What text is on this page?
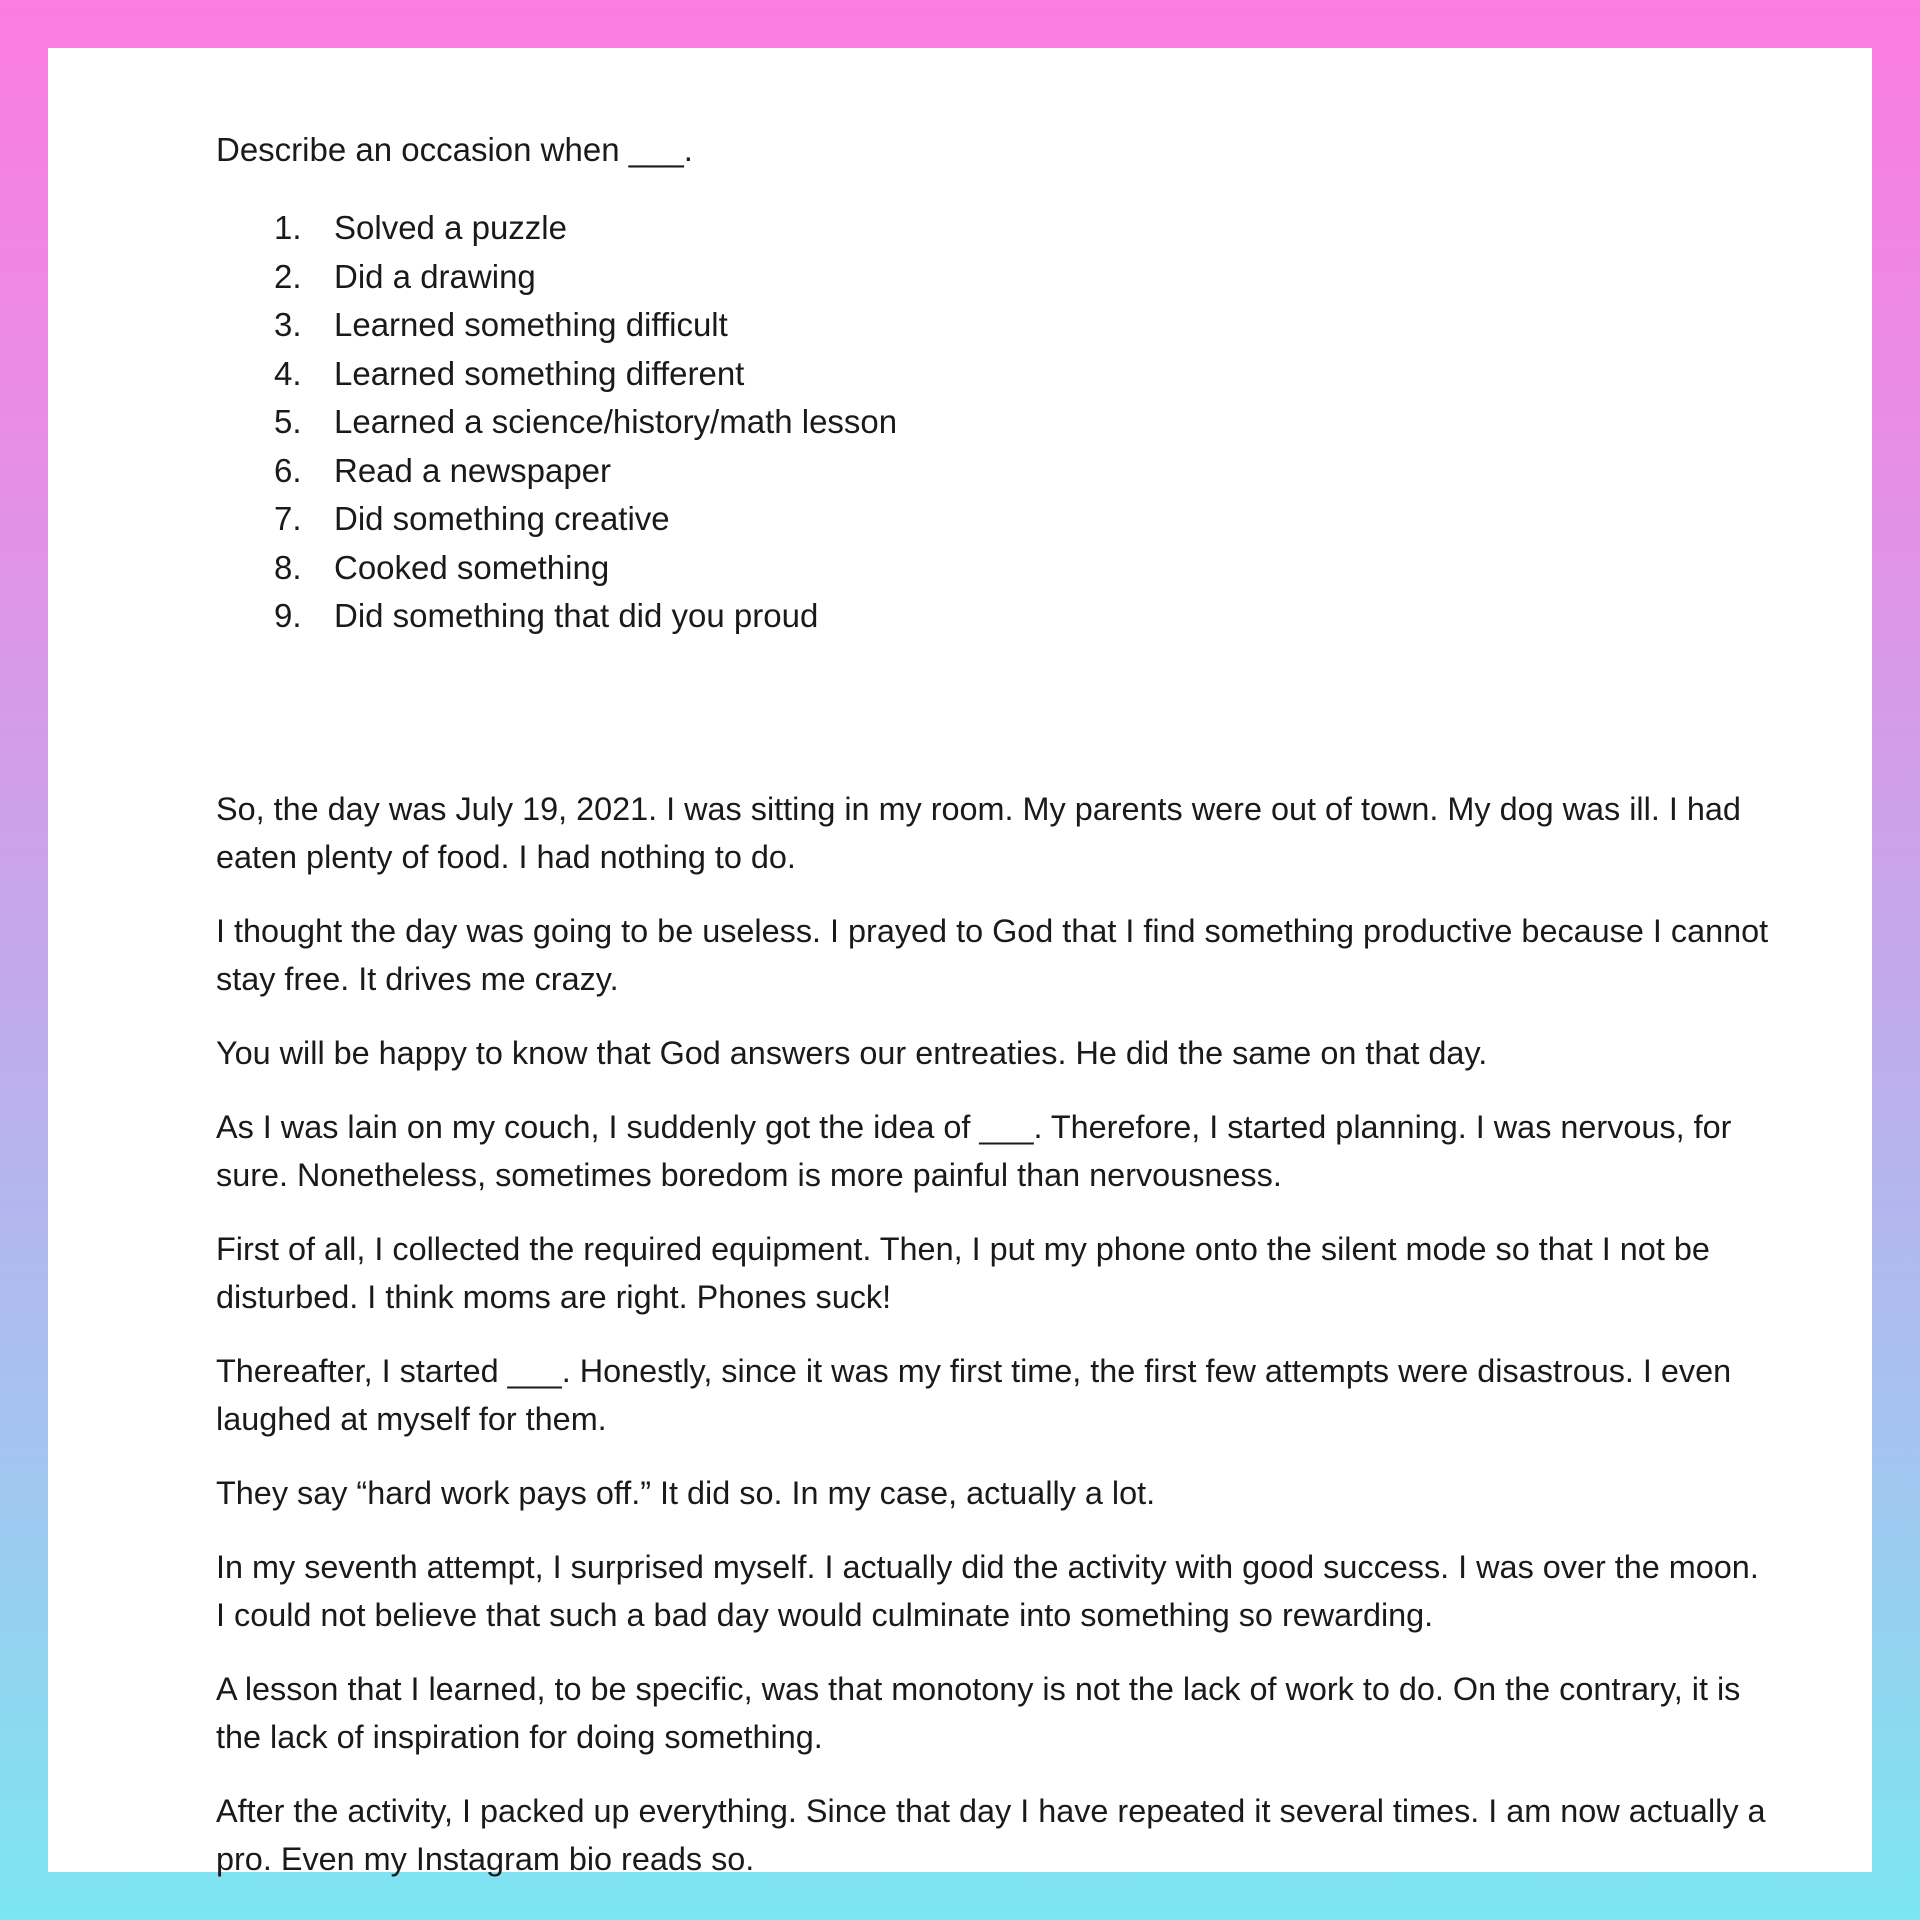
Describe an occasion when ___.

1. Solved a puzzle
2. Did a drawing
3. Learned something difficult
4. Learned something different
5. Learned a science/history/math lesson
6. Read a newspaper
7. Did something creative
8. Cooked something
9. Did something that did you proud

So, the day was July 19, 2021. I was sitting in my room. My parents were out of town. My dog was ill. I had eaten plenty of food. I had nothing to do.

I thought the day was going to be useless. I prayed to God that I find something productive because I cannot stay free. It drives me crazy.

You will be happy to know that God answers our entreaties. He did the same on that day.

As I was lain on my couch, I suddenly got the idea of ___. Therefore, I started planning. I was nervous, for sure. Nonetheless, sometimes boredom is more painful than nervousness.

First of all, I collected the required equipment. Then, I put my phone onto the silent mode so that I not be disturbed. I think moms are right. Phones suck!

Thereafter, I started ___. Honestly, since it was my first time, the first few attempts were disastrous. I even laughed at myself for them.

They say “hard work pays off.” It did so. In my case, actually a lot.

In my seventh attempt, I surprised myself. I actually did the activity with good success. I was over the moon. I could not believe that such a bad day would culminate into something so rewarding.

A lesson that I learned, to be specific, was that monotony is not the lack of work to do. On the contrary, it is the lack of inspiration for doing something.

After the activity, I packed up everything. Since that day I have repeated it several times. I am now actually a pro. Even my Instagram bio reads so.
